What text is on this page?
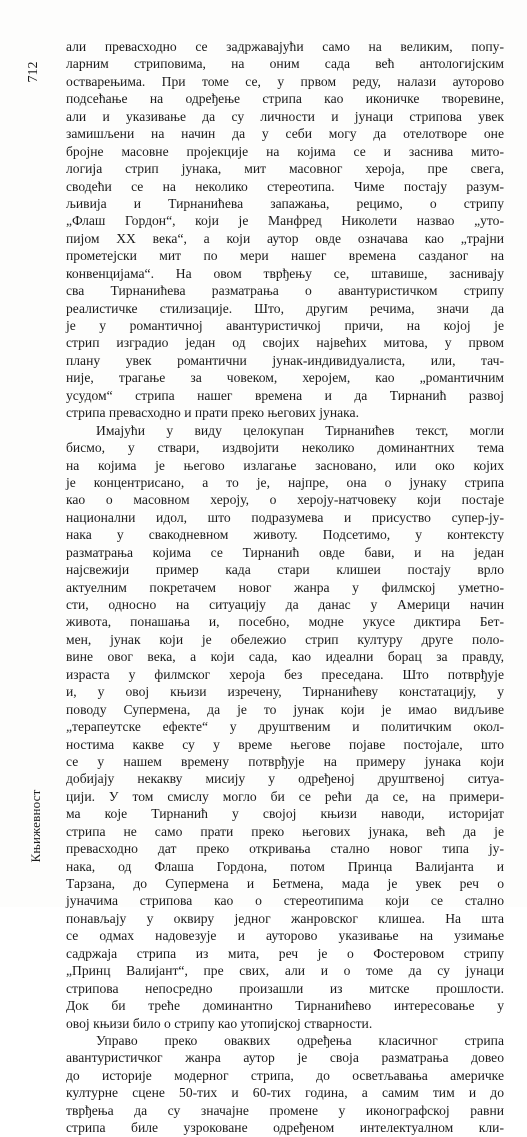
712
Књижевност
али превасходно се задржавајући само на великим, попу-
ларним стриповима, на оним сада већ антологијским
остварењима. При томе се, у првом реду, налази ауторово
подсећање на одређење стрипа као иконичке творевине,
али и указивање да су личности и јунаци стрипова увек
замишљени на начин да у себи могу да отелотворе оне
бројне масовне пројекције на којима се и заснива мито-
логија стрип јунака, мит масовног хероја, пре свега,
сводећи се на неколико стереотипа. Чиме постају разум-
љивија и Тирнанићева запажања, рецимо, о стрипу
„Флаш Гордон“, који је Манфред Николети назвао „уто-
пијом XX века“, а који аутор овде означава као „трајни
прометејски мит по мери нашег времена сазданог на
конвенцијама“. На овом тврђењу се, штавише, заснивају
сва Тирнанићева разматрања о авантуристичком стрипу
реалистичке стилизације. Што, другим речима, значи да
је у романтичној авантуристичкој причи, на којој је
стрип изградио један од својих највећих митова, у првом
плану увек романтични јунак-индивидуалиста, или, тач-
није, трагање за човеком, херојем, као „романтичним
усудом“ стрипа нашег времена и да Тирнанић развој
стрипа превасходно и прати преко његових јунака.
Имајући у виду целокупан Тирнанићев текст, могли
бисмо, у ствари, издвојити неколико доминантних тема
на којима је његово излагање засновано, или око којих
је концентрисано, а то је, најпре, она о јунаку стрипа
као о масовном хероју, о хероју-натчовеку који постаје
национални идол, што подразумева и присуство супер-ју-
нака у свакодневном животу. Подсетимо, у контексту
разматрања којима се Тирнанић овде бави, и на један
најсвежији пример када стари клишеи постају врло
актуелним покретачем новог жанра у филмској уметно-
сти, односно на ситуацију да данас у Америци начин
живота, понашања и, посебно, модне укусе диктира Бет-
мен, јунак који је обележио стрип културу друге поло-
вине овог века, а који сада, као идеални борац за правду,
израста у филмског хероја без преседана. Што потврђује
и, у овој књизи изречену, Тирнанићеву констатацију, у
поводу Супермена, да је то јунак који је имао видљиве
„терапеутске ефекте“ у друштвеним и политичким окол-
ностима какве су у време његове појаве постојале, што
се у нашем времену потврђује на примеру јунака који
добијају некакву мисију у одређеној друштвеној ситуа-
цији. У том смислу могло би се рећи да се, на примери-
ма које Тирнанић у својој књизи наводи, историјат
стрипа не само прати преко његових јунака, већ да је
превасходно дат преко откривања стално новог типа ју-
нака, од Флаша Гордона, потом Принца Валијанта и
Тарзана, до Супермена и Бетмена, мада је увек реч о
јуначима стрипова као о стереотипима који се стално
понављају у оквиру једног жанровског клишеа. На шта
се одмах надовезује и ауторово указивање на узимање
садржаја стрипа из мита, реч је о Фостеровом стрипу
„Принц Валијант“, пре свих, али и о томе да су јунаци
стрипова непосредно произашли из митске прошлости.
Док би треће доминантно Тирнанићево интересовање у
овој књизи било о стрипу као утопијској стварности.
Управо преко оваквих одређења класичног стрипа
авантуристичког жанра аутор је своја разматрања довео
до историје модерног стрипа, до осветљавања америчке
културне сцене 50-тих и 60-тих година, а самим тим и до
тврђења да су значајне промене у иконографској равни
стрипа биле узроковане одређеном интелектуалном кли-
